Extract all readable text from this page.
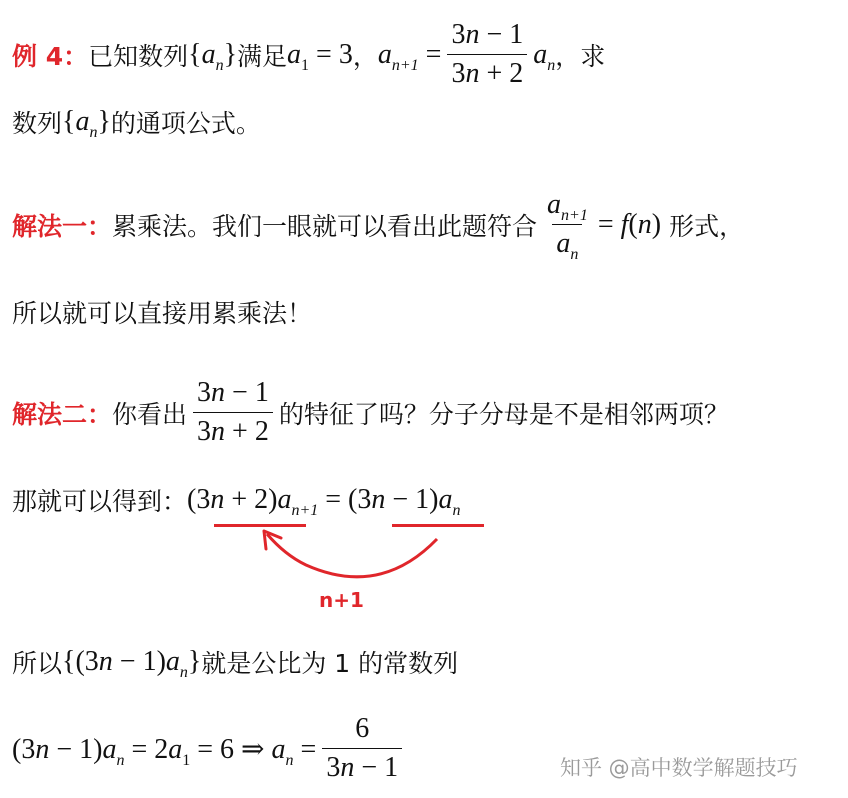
例 4： 已知数列 $\{a_n\}$ 满足 $a_1 = 3$ ， $a_{n+1} = \frac{3n - 1}{3n + 2} a_n$ ，求
数列 $\{a_n\}$ 的通项公式。
解法一： 累乘法。我们一眼就可以看出此题符合 $\frac{a_{n+1}}{a_n} = f(n)$ 形式，
所以就可以直接用累乘法！
解法二： 你看出 $\frac{3n - 1}{3n + 2}$ 的特征了吗？分子分母是不是相邻两项？
那就可以得到： $(3n + 2)a_{n+1} = (3n - 1)a_n$
n+1
所以 $\{(3n - 1)a_n\}$ 就是公比为 1 的常数列
$(3n - 1)a_n = 2a_1 = 6$ ⇒ $a_n = \frac{6}{3n - 1}$	知乎 @高中数学解题技巧
